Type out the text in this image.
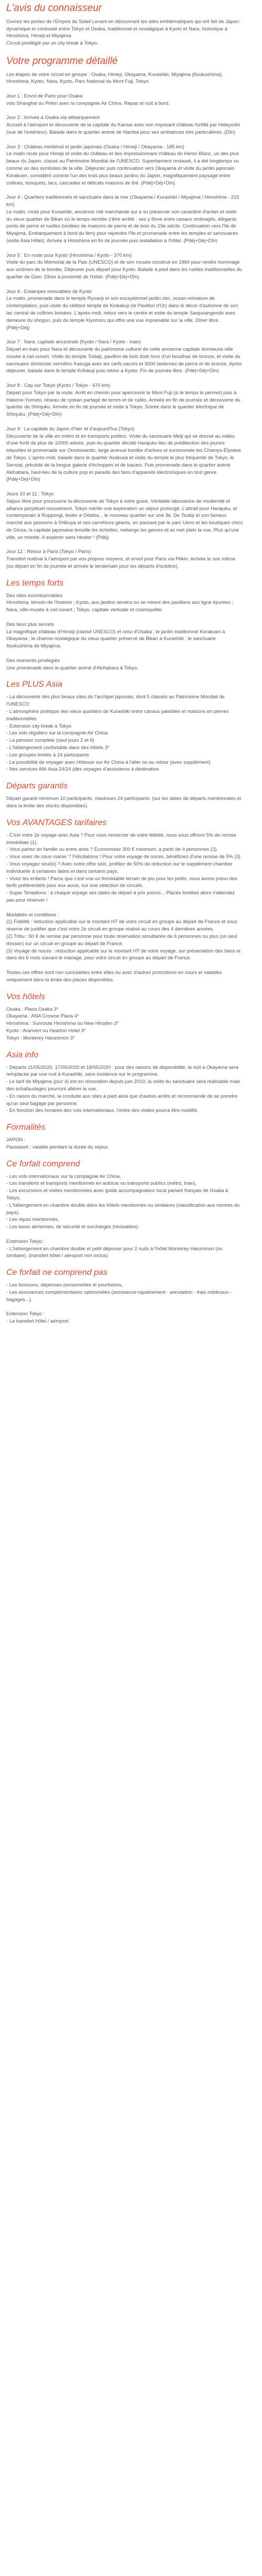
L'avis du connaisseur

Ouvrez les portes de l'Empire du Soleil Levant en découvrant les sites emblématiques qui ont fait de Japon: dynamique et contrasté entre Tokyo et Osaka, traditionnel et nostalgique à Kyoto et Nara, historique à Hiroshima, Himeji et Miyajima.

Circuit privilégié par un city break à Tokyo.

Votre programme détaillé

Les étapes de votre circuit en groupe : Osaka, Himeji, Okayama, Kurashiki, Miyajima (Itsukushima), Hiroshima, Kyoto, Nara, Kyoto, Parc National du Mont Fuji, Tokyo

Jour 1 : Envol de Paris pour Osaka

vols Shanghai ou Pékin avec la compagnie Air China. Repas et nuit à bord.

Jour 2 : Arrivée à Osaka via débarquement

Accueil à l'aéroport et découverte de la capitale du Kansai avec son imposant château fortifié par Hideyoshi (vue de l'extérieur). Balade dans le quartier animé de Namba pour ses ambiances très particulières. (Dîn)

Jour 3 : Château médiéval et jardin japonais (Osaka / Himeji / Okayama - 185 km)

Le matin route pour Himeji et visite du château et des impressionnant château du Héron Blanc, un des plus beaux du Japon, classé au Patrimoine Mondial de l'UNESCO. Superbement restauré, il a été longtemps vu comme un des symboles de la ville. Déjeuner puis continuation vers Okayama et visite du jardin japonais Korakuen, considéré comme l'un des trois plus beaux jardins du Japon, magnifiquement paysagé entre collines, bosquets, lacs, cascades et délicats maisons de thé. (Pdéj+Déj+Dîn)

Jour 4 : Quartiers traditionnels et sanctuaire dans la mer (Okayama / Kurashiki / Miyajima / Hiroshima - 215 km)

Le matin, route pour Kurashiki, ancienne cité marchande qui a su préserver son caractère d'antan et visite du vieux quartier de Bikan où le temps semble s'être arrêté : ses y fûme entre canaux ombragés, élégants ponts de pierre et ruelles bordées de maisons de pierre et de bois du 19e siècle. Continuation vers l'île de Miyajima. Embarquement à bord du ferry pour rejoindre l'île et promenade entre les temples et sanctuaires (visite Asia Hôtel). Arrivée à Hiroshima en fin de journée puis installation à l'hôtel. (Pdéj+Déj+Dîn)

Jour 5 : En route pour Kyoto (Hiroshima / Kyoto - 370 km)

Visite du parc du Mémorial de la Paix (UNESCO) et de son musée construit en 1960 pour rendre hommage aux victimes de la bombe. Déjeuner puis départ pour Kyoto. Balade à pied dans les ruelles traditionnelles du quartier de Gion. Dîner à proximité de l'hôtel. (Pdéj+Déj+Dîn)

Jour 6 : Estampes immuables de Kyoto

Le matin, promenade dans le temple Ryoanji et son exceptionnel jardin zen, ocean miniature de contemplation, puis visite du célèbre temple de Kinkakuji (le Pavillon d'Or) dans le décor d'automne de son lac central de collines boisées. L'après-midi, retour vers le centre et visite du temple Sanjusangendo avec demeure du shogun, puis du temple Kiyomizu qui offre une vue imprenable sur la ville. Dîner libre. (Pdéj+Déj)

Jour 7 : Nara, capitale ancestrale (Kyoto / Nara / Kyoto - train)

Départ en train pour Nara et découverte du patrimoine culturel de cette ancienne capitale dormeuse ville musée à ciel ouvert. Visite du temple Todaiji, pavillon de bois doté hors d'un boudhas de bronze, et visite du sanctuaire shintoïste vermillon Kasuga avec les cerfs sacrés et 3000 lanternes de pierre et de bronze. Après déjeuner, balade dans le temple Kofukuji puis retour à Kyoto. Fin de journée libre. (Pdéj+Déj+Dîn)

Jour 8 : Cap sur Tokyo (Kyoto / Tokyo - 470 km)

Départ pour Tokyo par la route. Arrêt en chemin pour apercevoir le Mont Fuji (si le temps le permet) puis à Hakone-Yumoto, réseau de ryokan partagé de terres et de cafés. Arrivée en fin de journée et découverte du quartier de Shinjuku. Arrivée en fin de journée et visite à Tokyo. Soirée dans le quartier électrique de Shinjuku. (Pdéj+Déj+Dîn)

Jour 9 : La capitale du Japon d'hier et d'aujourd'hui (Tokyo)

Découverte de la ville en métro et en transports publics. Visite du sanctuaire Meiji qui se dresse au milieu d'une forêt de plus de 10000 arbres, puis du quartier décalé Harajuku lieu de prédilection des jeunes tokyoïtes et promenade sur Omotesando, large avenue bordée d'arbres et surnommée les Champs-Élysées de Tokyo. L'après-midi, balade dans le quartier Asakusa et visite du temple le plus fréquenté de Tokyo, le Sensoji, précédé de la longue galerie d'échoppes et de bazars. Puis promenade dans le quartier animé Akihabara, haut-lieu de la culture pop et paradis des fans d'appareils électroniques en tout genre. (Pdéj+Déj+Dîn)

Jours 10 et 11 : Tokyo

Séjour libre pour poursuivre la découverte de Tokyo à votre guise. Véritable laboratoire de modernité et alliance perpétuel mouvement, Tokyo mérite une exploration un séjour prolongé. L'attrait pour Harajuku, et contemporain à Roppongi, tester à Odaiba... le nouveau quartier sur une île. De Tsukiji et son fameux marché aux poissons à Shibuya et ses carrefours géants, en passant par le parc Ueno et les boutiques chics de Ginza, la capitale japonaise brouille les échelles, mélange les genres et se met plein la vue. Plus qu'une ville, un monde. A explorer sans hésiter ! (Pdéj)

Jour 12 : Retour à Paris (Tokyo / Paris)

Transfert matinal à l'aéroport par vos propres moyens, et envol pour Paris via Pékin. Arrivée le soir même (ou départ en fin de journée et arrivée le lendemain pour les départs d'octobre).

Les temps forts

Des sites incontournables

Hiroshima, témoin de l'histoire ; Kyoto, aux jardins sereins ou se mirent des pavillons aux ligne épurées ; Nara, ville-musée à ciel ouvert ; Tokyo, capitale verticale et cosmopolite.

Des lieux plus secrets

Le magnifique château d'Himeji (classé UNESCO) et celui d'Osaka ; le jardin traditionnel Korakuen à Okayama ; le charme nostalgique du vieux quartier préservé de Bikan à Kurashiki ; le sanctuaire Itsukushima de Miyajima.

Des moments privilégiés

Une promenade dans le quartier animé d'Akihabara à Tokyo.

Les PLUS Asia

- La découverte des plus beaux sites de l'archipel japonais, dont 5 classés au Patrimoine Mondial de l'UNESCO

- L'atmosphère poétique des vieux quartiers de Kurashiki entre canaux paisibles et maisons en pierres traditionnelles

- Extension city break à Tokyo

- Les vols réguliers sur la compagnie Air China

- La pension complète (sauf jours 2 et 6)

- L'hébergement confortable dans des hôtels 3*

- Les groupes limités à 24 participants

- La possibilité de voyager avec Hôtesse sur Air China à l'aller ou au retour (avec supplément)

- Nos services Allô Asia 24/24 (dès voyages d'assistance à destination

Départs garantis

Départ garanti minimum 10 participants, maximum 24 participants. (sur les dates de départs mentionnées et dans la limite des stocks disponibles)

Vos AVANTAGES tarifaires

- C'est votre 2e voyage avec Asia ? Pour vous remercier de votre fidélité, nous vous offrons 5% de remise immédiate (1).

- Vous partez en famille ou entre amis ? Économisez 300 € minimum, à partir de 4 personnes (2).

- Vous vivez de nous marier ? Félicitations ! Pour votre voyage de noces, bénéficiez d'une remise de 5% (3).

- Vous voyagez seul(e) ? Avec notre offre solo, profitez de 50% de réduction sur le supplément chambre individuelle à certaines dates et dans certains pays.

- Vivez les enfants ! Parce que c'est vrai un formidable terrain de jeu pour les petits, nous avons prévu des tarifs préférentiels pour eux aussi, sur une sélection de circuits.

- Super Tentations : à chaque voyage ses dates de départ à prix promo... Places limitées alors n'attendez pas pour réserver !

Modalités et conditions :

(1) Fidélité : réduction applicable sur le montant HT de votre circuit en groupe au départ de France et sous réserve de justifier que c'est votre 2e circuit en groupe réalisé au cours des 4 dernières années.

(2) Tribu : 50 € de remise par personne pour toute réservation simultanée de 6 personnes ou plus (un seul dossier) sur un circuit en groupe au départ de France.

(3) Voyage de noces : réduction applicable sur le montant HT de votre voyage, sur présentation des bans et dans les 6 mois suivant le mariage, pour votre circuit en groupe au départ de France.

Toutes ces offres sont non cumulables entre elles ou avec d'autres promotions en cours et valables uniquement dans la limite des places disponibles.

Vos hôtels

Osaka : Plaza Osaka 3*

Okayama : ANA Crowne Plaza 4*

Hiroshima : Sunroute Hiroshima ou New Hiroden 3*

Kyoto : Aranvert ou Hearton Hotel 3*

Tokyo : Monterey Hanzomon 3*

Asia info

- Départs 11/05/2020, 17/05/2020 et 18/05/2020 : pour des raisons de disponibilité, la nuit à Okayama sera remplacée par une nuit à Kurashiki, sans incidence sur le programme.

- Le tarif de Miyajima (jour 4) est en rénovation depuis juin 2019, la visite du sanctuaire sera réalisable mais des échafaudages pourront altérer la vue.

- En raison du marché, la conduite aux sites à pied ainsi que d'autres arrêts et recommandé de se prendre qu'un seul bagage par personne.

- En fonction des horaires des vols internationaux, l'ordre des visites pourra être modifié.

Formalités

JAPON :

Passeport : valable pendant la durée du séjour.

Ce forfait comprend

- Les vols internationaux sur la compagnie Air China,

- Les transferts et transports mentionnés en autocar ou transports publics (métro, train),

- Les excursions et visites mentionnées avec guide accompagnateur local parlant français de Osaka à Tokyo,

- L'hébergement en chambre double dans les hôtels mentionnés ou similaires (classification aux normes du pays),

- Les repas mentionnés,

- Les taxes aériennes, de sécurité et surcharges (révisables).

Extension Tokyo :

- L'hébergement en chambre double et petit déjeuner pour 2 nuits à l'hôtel Monterey Hanzomon (ou similaire). (transfert hôtel / aéroport non inclus)

Ce forfait ne comprend pas

- Les boissons, dépenses personnelles et pourboires,

- Les assurances complémentaires optionnelles (assistance-rapatriement - annulation - frais médicaux - bagages...).

Extension Tokyo :

- Le transfert hôtel / aéroport
